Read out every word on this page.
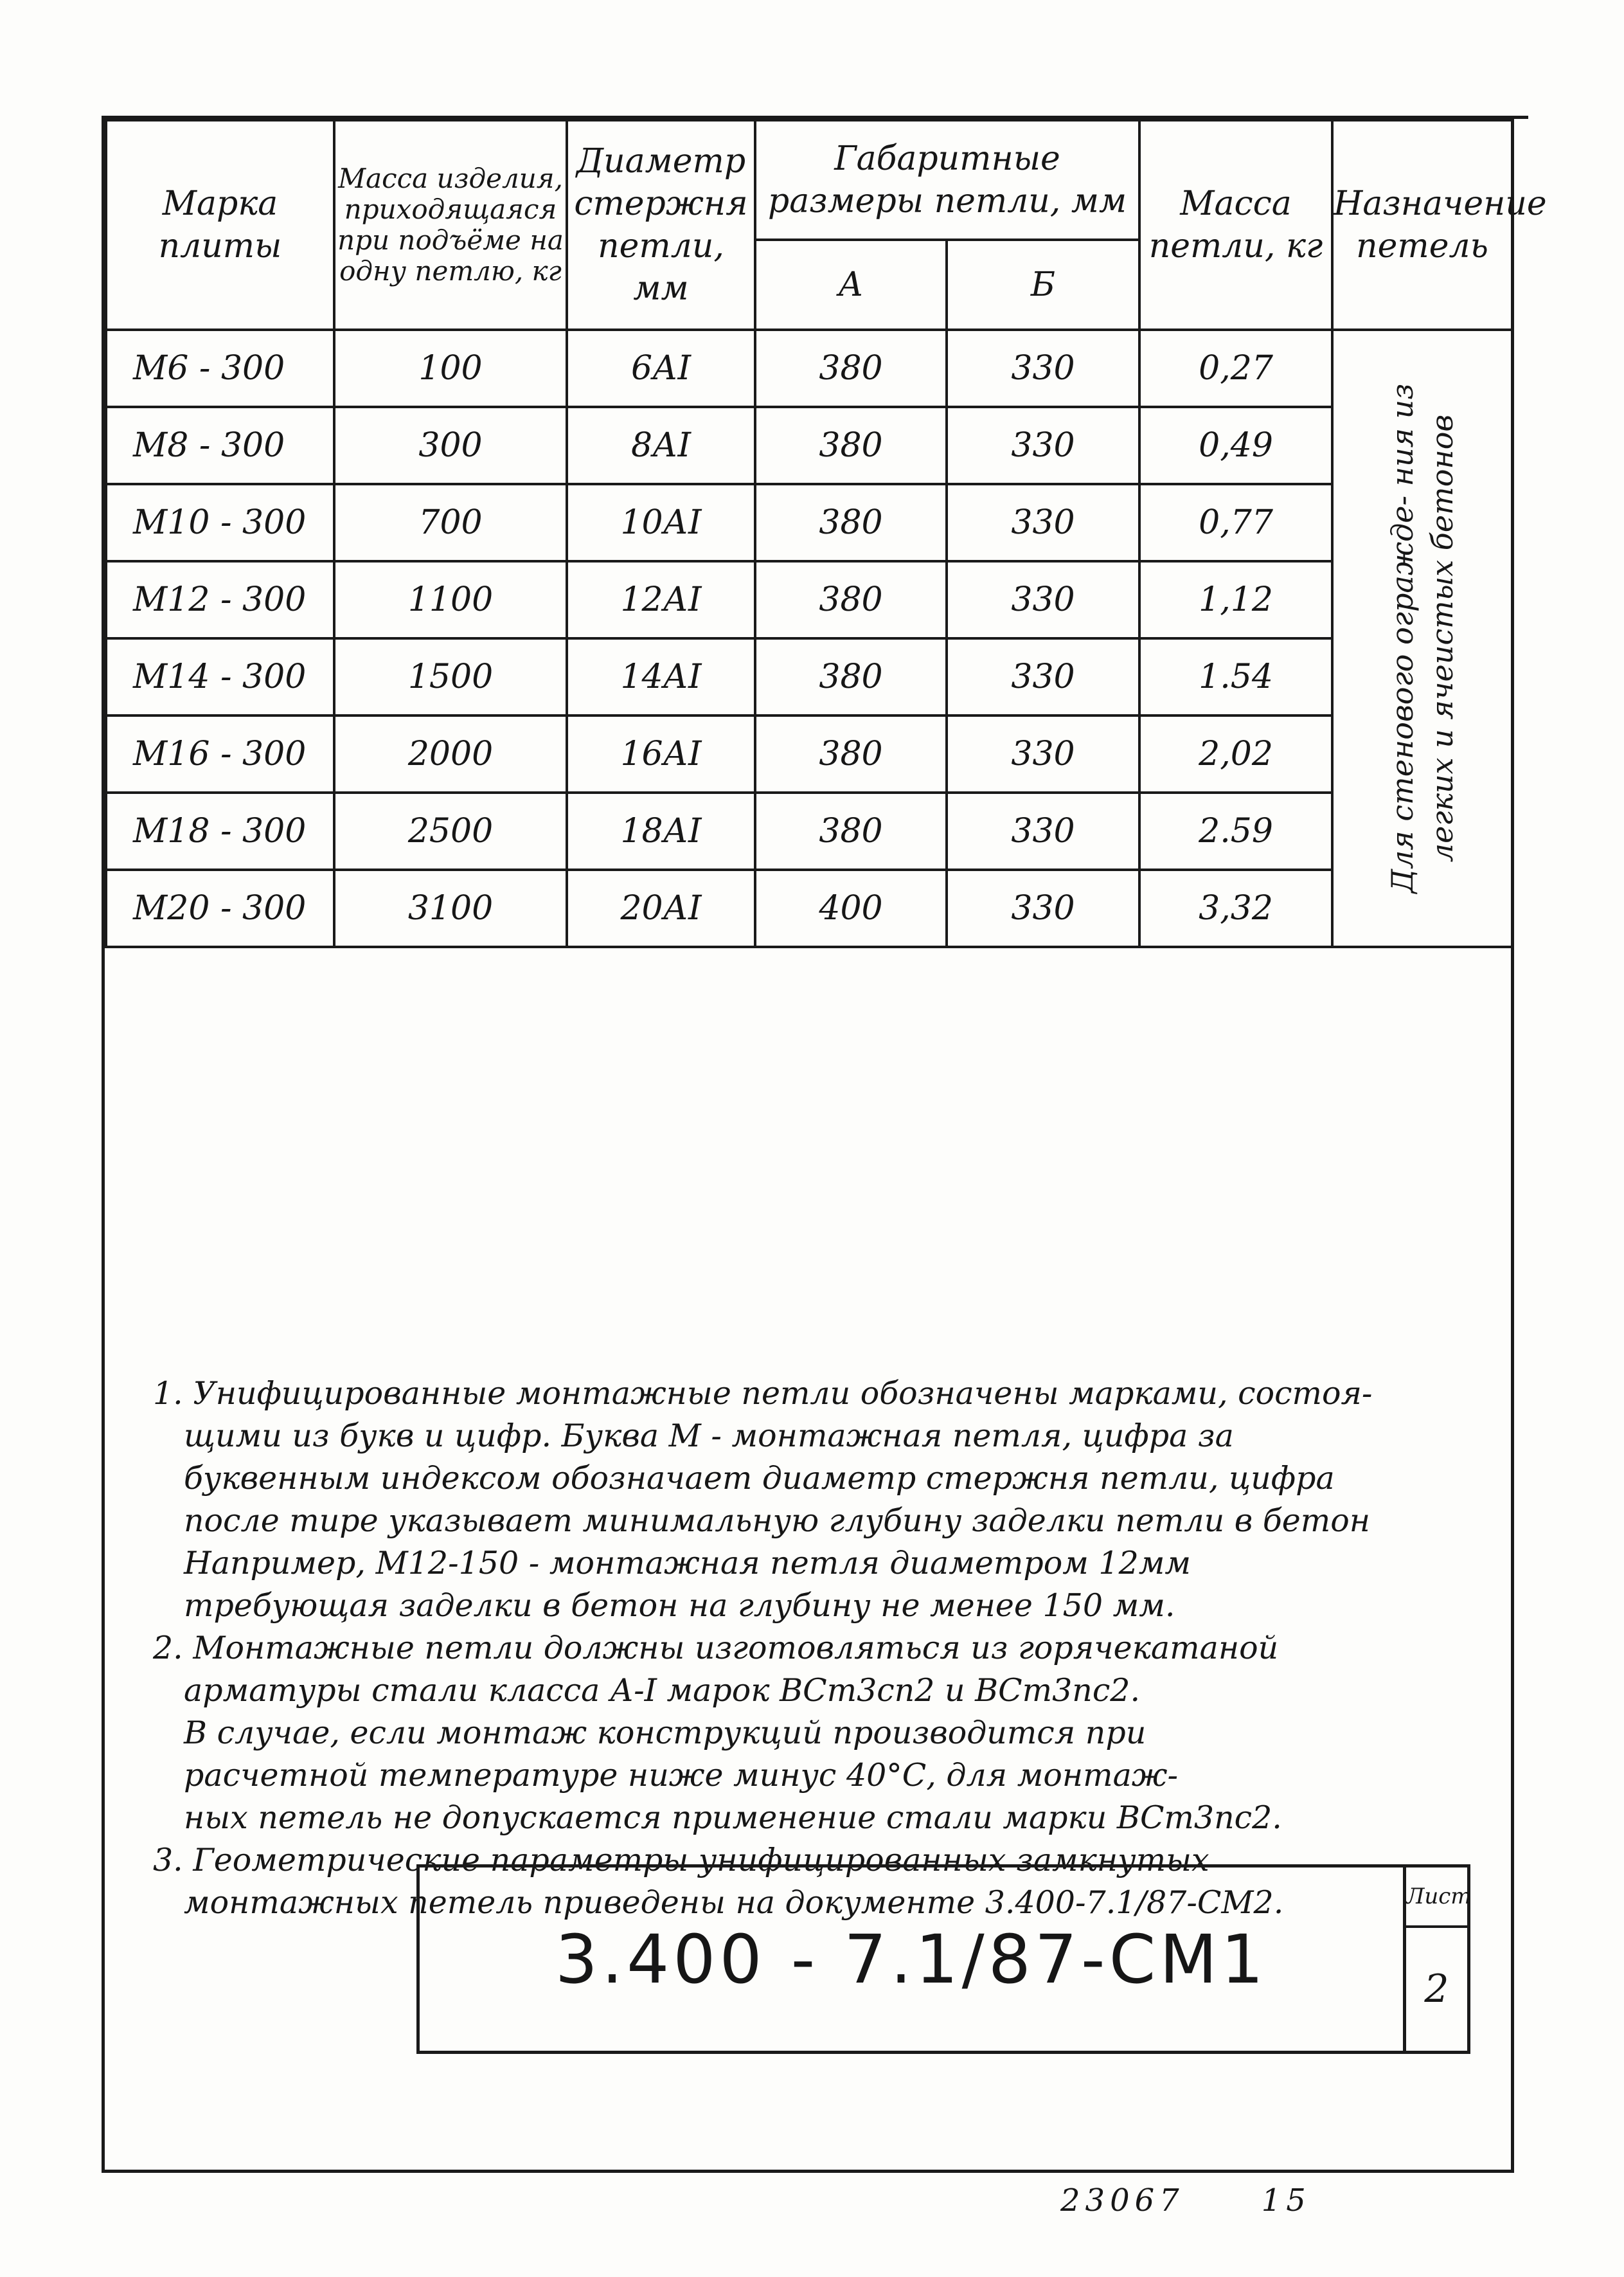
Марка плиты	Масса изделия, приходящаяся при подъёме на одну петлю, кг	Диаметр стержня петли, мм	Габаритные размеры петли, мм		Масса петли, кг	Назначение петель
			А	Б		
М6 - 300	100	6АI	380	330	0,27	Для стенового огражде- ния из легких и ячеистых бетонов

М8 - 300	300	8АI	380	330	0,49	
М10 - 300	700	10АI	380	330	0,77	
М12 - 300	1100	12АI	380	330	1,12	
М14 - 300	1500	14АI	380	330	1.54	
М16 - 300	2000	16АI	380	330	2,02	
М18 - 300	2500	18АI	380	330	2.59	
М20 - 300	3100	20АI	400	330	3,32	

1. Унифицированные монтажные петли обозначены марками, состоя-
щими из букв и цифр. Буква М - монтажная петля, цифра за
буквенным индексом обозначает диаметр стержня петли, цифра
после тире указывает минимальную глубину заделки петли в бетон
Например, М12-150 - монтажная петля диаметром 12мм
требующая заделки в бетон на глубину не менее 150 мм.

2. Монтажные петли должны изготовляться из горячекатаной
арматуры стали класса А-I марок ВСт3сп2 и ВСт3пс2.
В случае, если монтаж конструкций производится при
расчетной температуре ниже минус 40°С, для монтаж-
ных петель не допускается применение стали марки ВСт3пс2.

3. Геометрические параметры унифицированных замкнутых
монтажных петель приведены на документе 3.400-7.1/87-СМ2.

3.400 - 7.1/87-СМ1
Лист
2
23067	15
